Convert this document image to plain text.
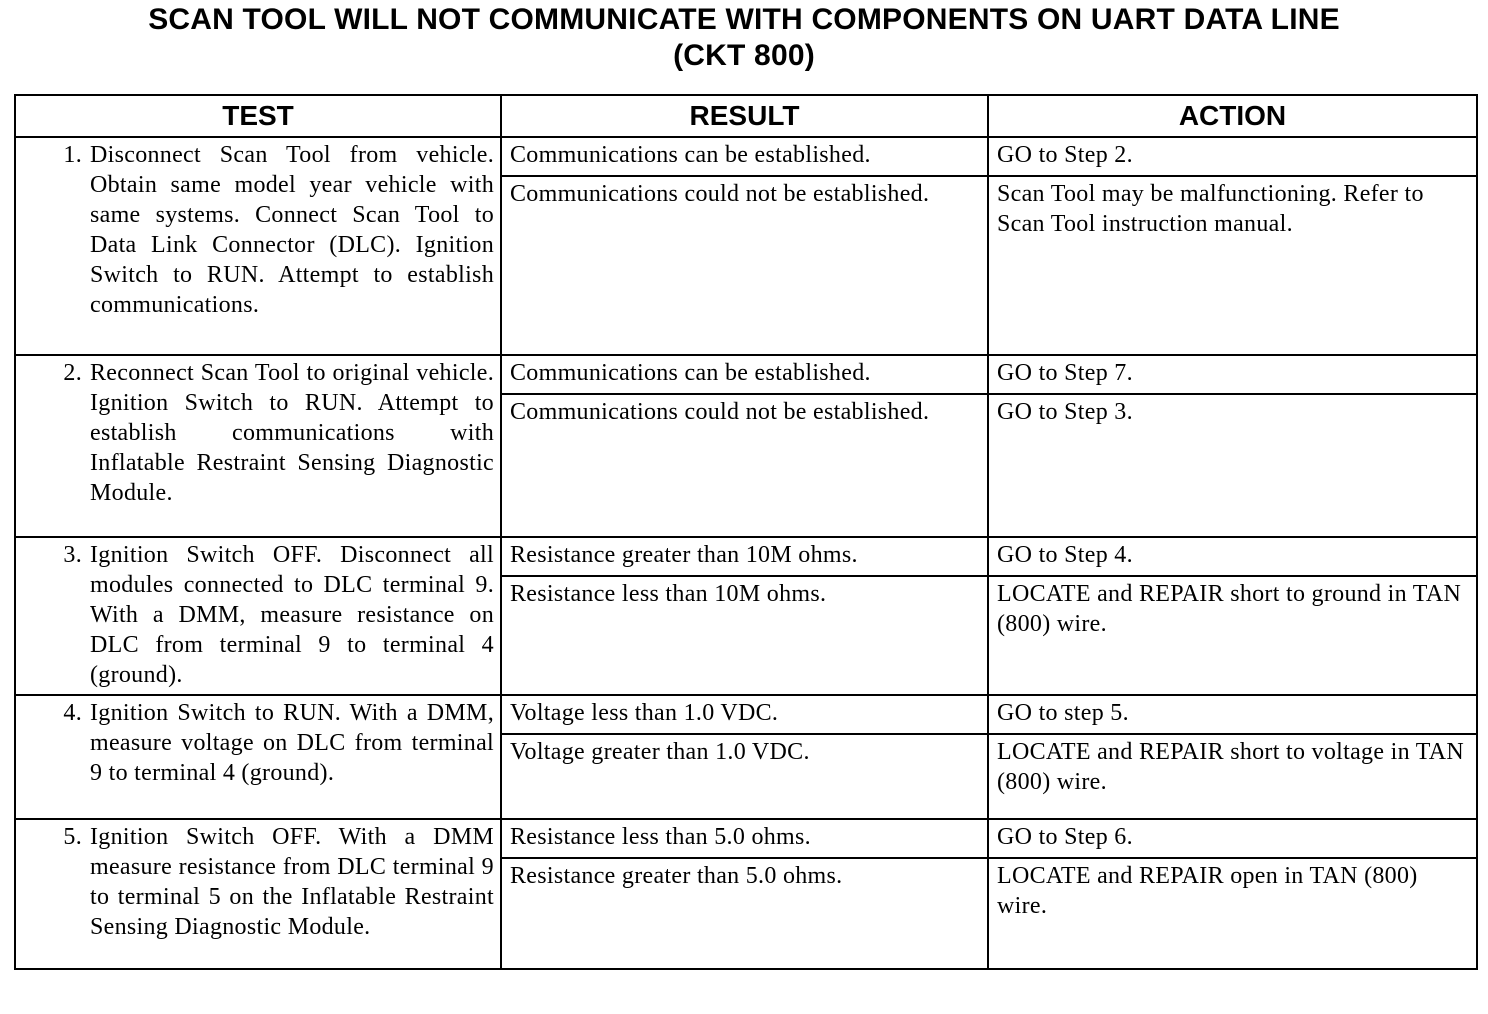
SCAN TOOL WILL NOT COMMUNICATE WITH COMPONENTS ON UART DATA LINE
(CKT 800)
TEST	RESULT	ACTION

1. Disconnect Scan Tool from vehicle. Obtain same model year vehicle with same systems. Connect Scan Tool to Data Link Connector (DLC). Ignition Switch to RUN. Attempt to establish communications.	Communications can be established.	GO to Step 2.
	Communications could not be established.	Scan Tool may be malfunctioning. Refer to Scan Tool instruction manual.

2. Reconnect Scan Tool to original vehicle. Ignition Switch to RUN. Attempt to establish communications with Inflatable Restraint Sensing Diagnostic Module.	Communications can be established.	GO to Step 7.
	Communications could not be established.	GO to Step 3.

3. Ignition Switch OFF. Disconnect all modules connected to DLC terminal 9. With a DMM, measure resistance on DLC from terminal 9 to terminal 4 (ground).	Resistance greater than 10M ohms.	GO to Step 4.
	Resistance less than 10M ohms.	LOCATE and REPAIR short to ground in TAN (800) wire.

4. Ignition Switch to RUN. With a DMM, measure voltage on DLC from terminal 9 to terminal 4 (ground).	Voltage less than 1.0 VDC.	GO to step 5.
	Voltage greater than 1.0 VDC.	LOCATE and REPAIR short to voltage in TAN (800) wire.

5. Ignition Switch OFF. With a DMM measure resistance from DLC terminal 9 to terminal 5 on the Inflatable Restraint Sensing Diagnostic Module.	Resistance less than 5.0 ohms.	GO to Step 6.
	Resistance greater than 5.0 ohms.	LOCATE and REPAIR open in TAN (800) wire.
